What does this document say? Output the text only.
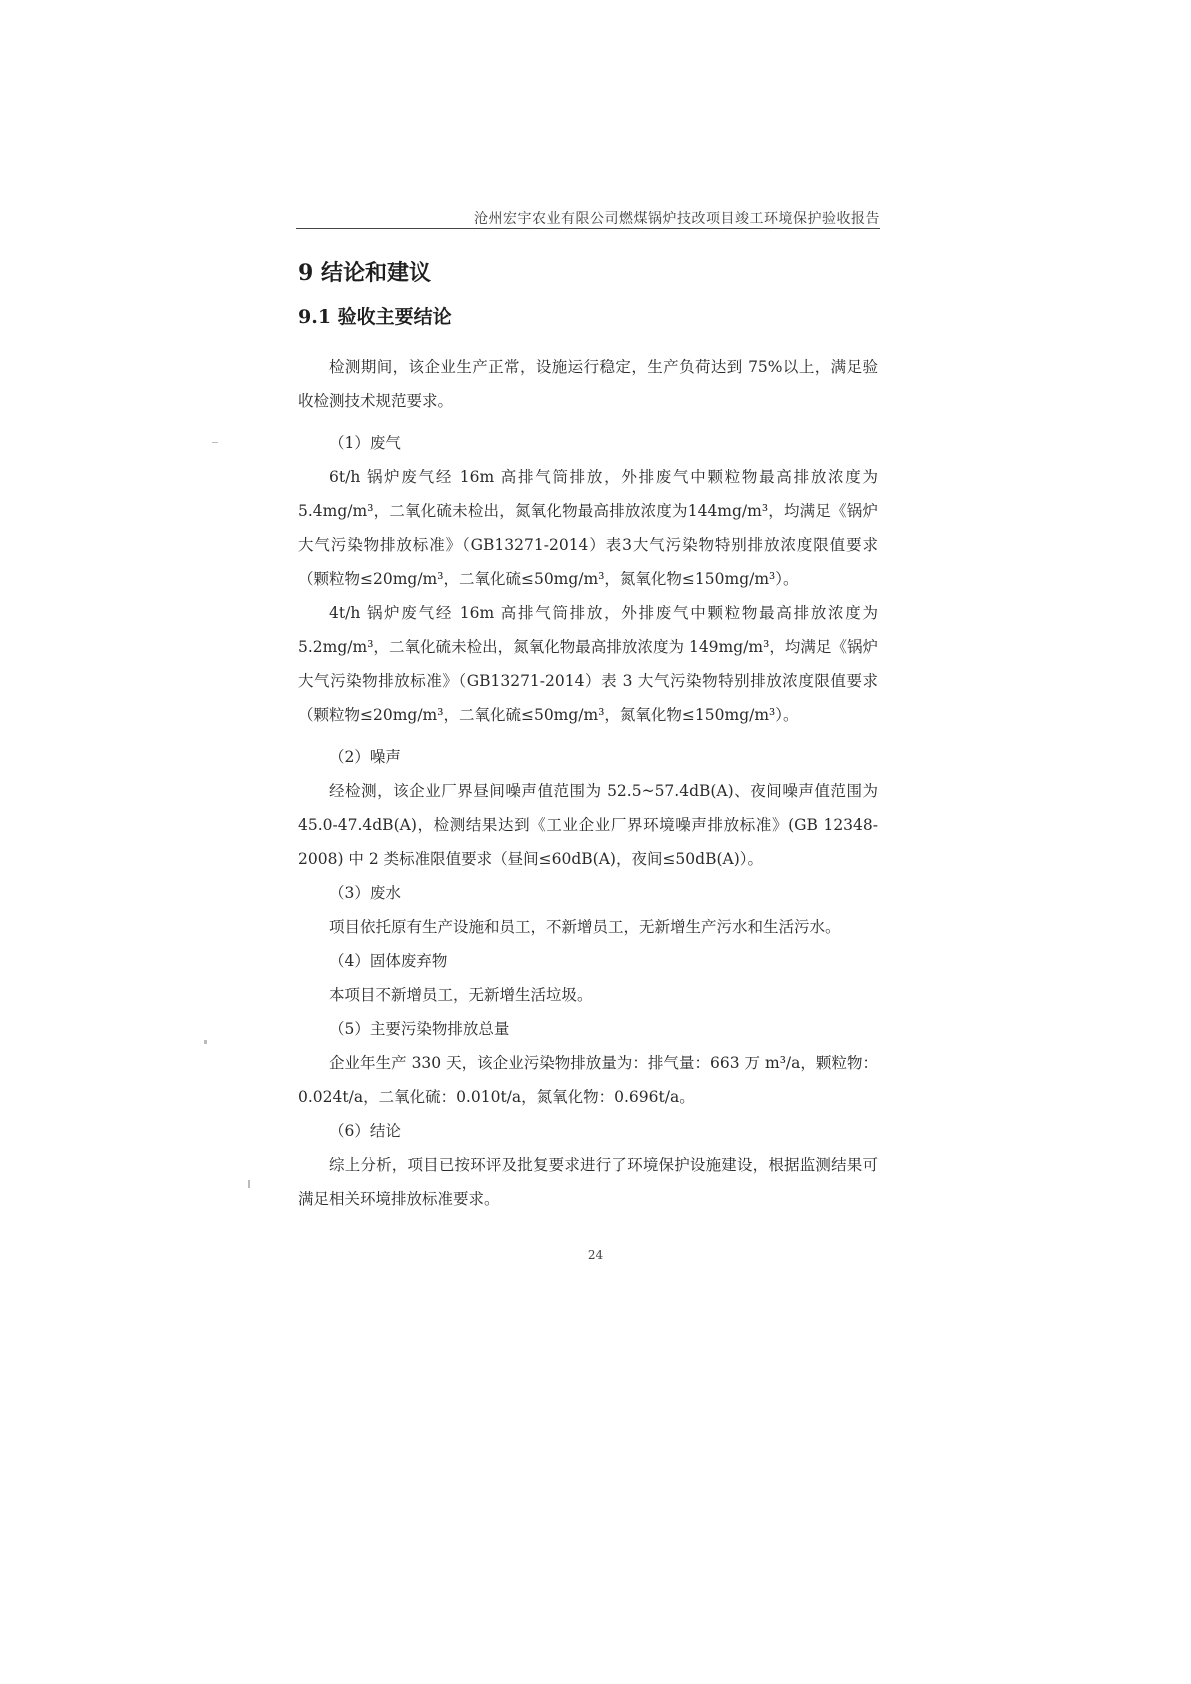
沧州宏宇农业有限公司燃煤锅炉技改项目竣工环境保护验收报告
9 结论和建议
9.1 验收主要结论

检测期间，该企业生产正常，设施运行稳定，生产负荷达到 75%以上，满足验收检测技术规范要求。

（1）废气

6t/h 锅炉废气经 16m 高排气筒排放，外排废气中颗粒物最高排放浓度为 5.4mg/m³，二氧化硫未检出，氮氧化物最高排放浓度为144mg/m³，均满足《锅炉大气污染物排放标准》（GB13271-2014）表3大气污染物特别排放浓度限值要求（颗粒物≤20mg/m³，二氧化硫≤50mg/m³，氮氧化物≤150mg/m³）。

4t/h 锅炉废气经 16m 高排气筒排放，外排废气中颗粒物最高排放浓度为 5.2mg/m³，二氧化硫未检出，氮氧化物最高排放浓度为 149mg/m³，均满足《锅炉大气污染物排放标准》（GB13271-2014）表 3 大气污染物特别排放浓度限值要求（颗粒物≤20mg/m³，二氧化硫≤50mg/m³，氮氧化物≤150mg/m³）。

（2）噪声

经检测，该企业厂界昼间噪声值范围为 52.5~57.4dB(A)、夜间噪声值范围为 45.0-47.4dB(A)，检测结果达到《工业企业厂界环境噪声排放标准》(GB 12348-2008) 中 2 类标准限值要求（昼间≤60dB(A)，夜间≤50dB(A)）。

（3）废水

项目依托原有生产设施和员工，不新增员工，无新增生产污水和生活污水。

（4）固体废弃物

本项目不新增员工，无新增生活垃圾。

（5）主要污染物排放总量

企业年生产 330 天，该企业污染物排放量为：排气量：663 万 m³/a，颗粒物：0.024t/a，二氧化硫：0.010t/a，氮氧化物：0.696t/a。

（6）结论

综上分析，项目已按环评及批复要求进行了环境保护设施建设，根据监测结果可满足相关环境排放标准要求。

24
